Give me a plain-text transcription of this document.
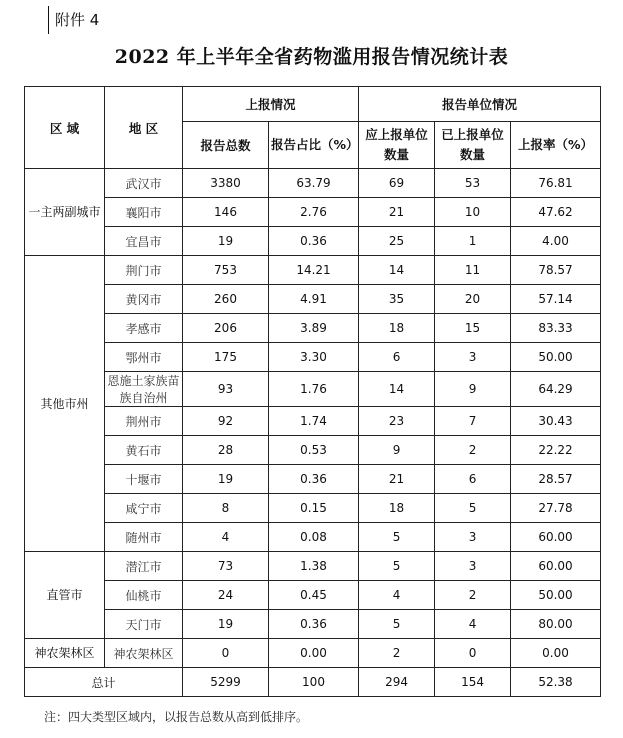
附件 4
2022 年上半年全省药物滥用报告情况统计表
区 域	地 区	上报情况		报告单位情况		
		报告总数	报告占比（%）	应上报单位数量	已上报单位数量	上报率（%）
一主两副城市	武汉市	3380	63.79	69	53	76.81
	襄阳市	146	2.76	21	10	47.62
	宜昌市	19	0.36	25	1	4.00
其他市州	荆门市	753	14.21	14	11	78.57
	黄冈市	260	4.91	35	20	57.14
	孝感市	206	3.89	18	15	83.33
	鄂州市	175	3.30	6	3	50.00
	恩施土家族苗族自治州	93	1.76	14	9	64.29
	荆州市	92	1.74	23	7	30.43
	黄石市	28	0.53	9	2	22.22
	十堰市	19	0.36	21	6	28.57
	咸宁市	8	0.15	18	5	27.78
	随州市	4	0.08	5	3	60.00
直管市	潜江市	73	1.38	5	3	60.00
	仙桃市	24	0.45	4	2	50.00
	天门市	19	0.36	5	4	80.00
神农架林区	神农架林区	0	0.00	2	0	0.00
总计		5299	100	294	154	52.38
注：四大类型区域内，以报告总数从高到低排序。
